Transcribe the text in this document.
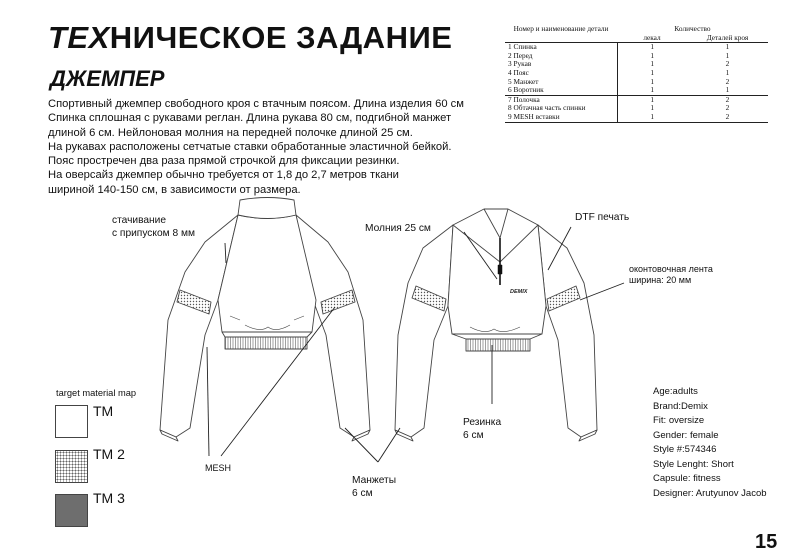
ТЕХНИЧЕСКОЕ ЗАДАНИЕ
ДЖЕМПЕР
Спортивный джемпер свободного кроя с втачным поясом. Длина изделия 60 см
Спинка сплошная с рукавами реглан. Длина рукава 80 см, подгибной манжет
длиной 6 см. Нейлоновая молния на передней полочке длиной 25 см.
На рукавах расположены сетчатые ставки обработанные эластичной бейкой.
Пояс простречен два раза прямой строчкой для фиксации резинки.
На оверсайз джемпер обычно требуется от 1,8 до 2,7 метров ткани
шириной 140-150 см, в зависимости от размера.
Номер и наименование детали	Количество	
	лекал	Деталей кроя
1 Спинка	1	1
2 Перед	1	1
3 Рукав	1	2
4 Пояс	1	1
5 Манжет	1	2
6 Воротник	1	1
7 Полочка	1	2
8 Обтачная часть спинки	1	2
9 MESH вставки	1	2
DEMIX
стачивание
с припуском 8 мм	Молния 25 см
DTF печать
оконтовочная лента
ширина: 20 мм
Резинка
6 см
Манжеты
6 см
MESH
target material map
TM
TM 2
TM 3
Age:adults
Brand:Demix
Fit: oversize
Gender: female
Style #:574346
Style Lenght: Short
Capsule: fitness
Designer: Arutyunov Jacob
15
